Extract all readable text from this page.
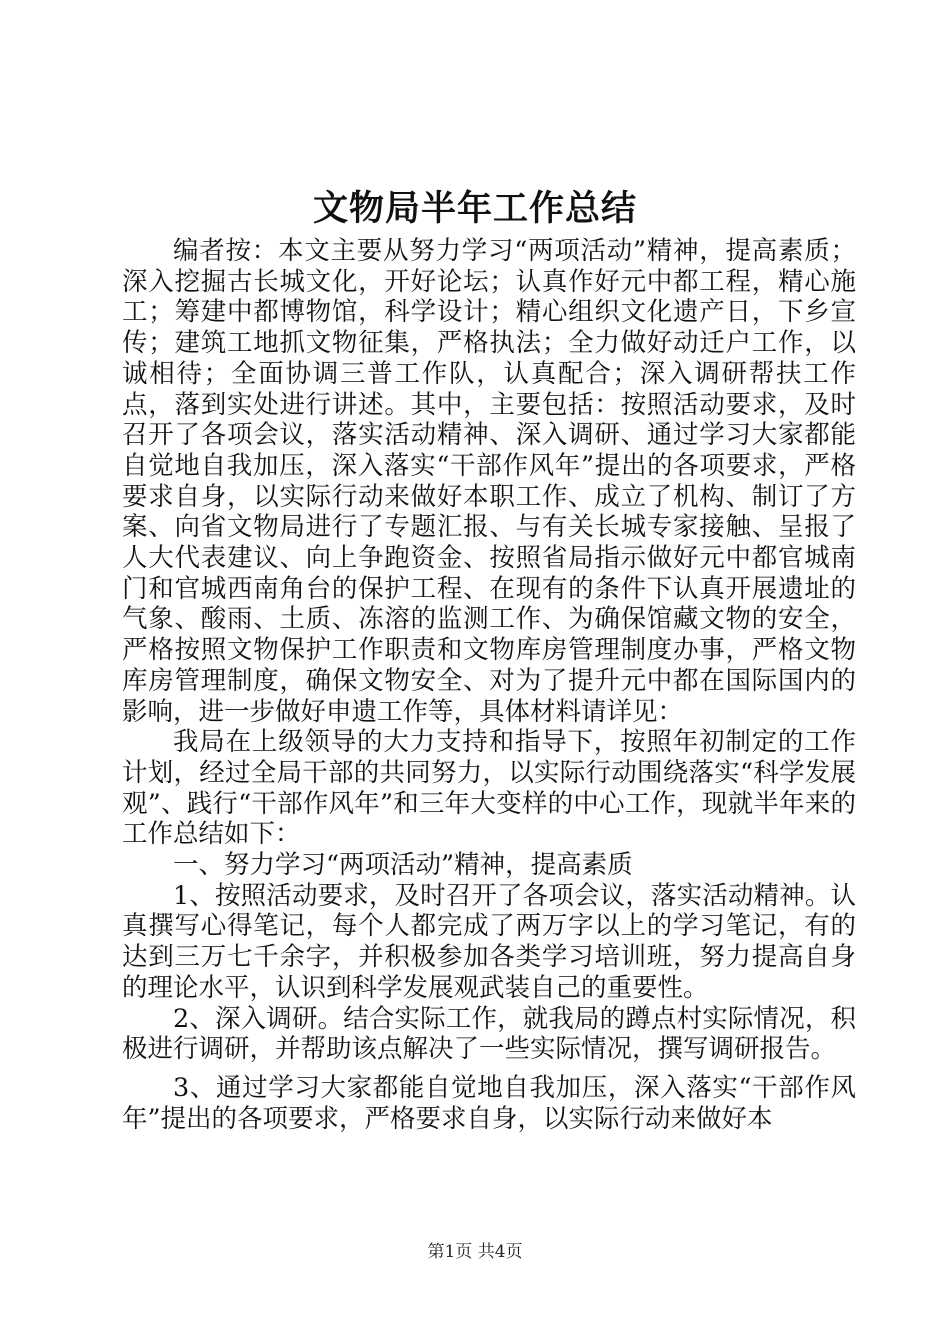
文物局半年工作总结

编者按：本文主要从努力学习“两项活动”精神，提高素质；深入挖掘古长城文化，开好论坛；认真作好元中都工程，精心施工；筹建中都博物馆，科学设计；精心组织文化遗产日，下乡宣传；建筑工地抓文物征集，严格执法；全力做好动迁户工作，以诚相待；全面协调三普工作队，认真配合；深入调研帮扶工作点，落到实处进行讲述。其中，主要包括：按照活动要求，及时召开了各项会议，落实活动精神、深入调研、通过学习大家都能自觉地自我加压，深入落实“干部作风年”提出的各项要求，严格要求自身，以实际行动来做好本职工作、成立了机构、制订了方案、向省文物局进行了专题汇报、与有关长城专家接触、呈报了人大代表建议、向上争跑资金、按照省局指示做好元中都官城南门和官城西南角台的保护工程、在现有的条件下认真开展遗址的气象、酸雨、土质、冻溶的监测工作、为确保馆藏文物的安全，严格按照文物保护工作职责和文物库房管理制度办事，严格文物库房管理制度，确保文物安全、对为了提升元中都在国际国内的影响，进一步做好申遗工作等，具体材料请详见：

我局在上级领导的大力支持和指导下，按照年初制定的工作计划，经过全局干部的共同努力，以实际行动围绕落实“科学发展观”、践行“干部作风年”和三年大变样的中心工作，现就半年来的工作总结如下：

一、努力学习“两项活动”精神，提高素质

1、按照活动要求，及时召开了各项会议，落实活动精神。认真撰写心得笔记，每个人都完成了两万字以上的学习笔记，有的达到三万七千余字，并积极参加各类学习培训班，努力提高自身的理论水平，认识到科学发展观武装自己的重要性。

2、深入调研。结合实际工作，就我局的蹲点村实际情况，积极进行调研，并帮助该点解决了一些实际情况，撰写调研报告。

3、通过学习大家都能自觉地自我加压，深入落实“干部作风年”提出的各项要求，严格要求自身，以实际行动来做好本

第1页 共4页
